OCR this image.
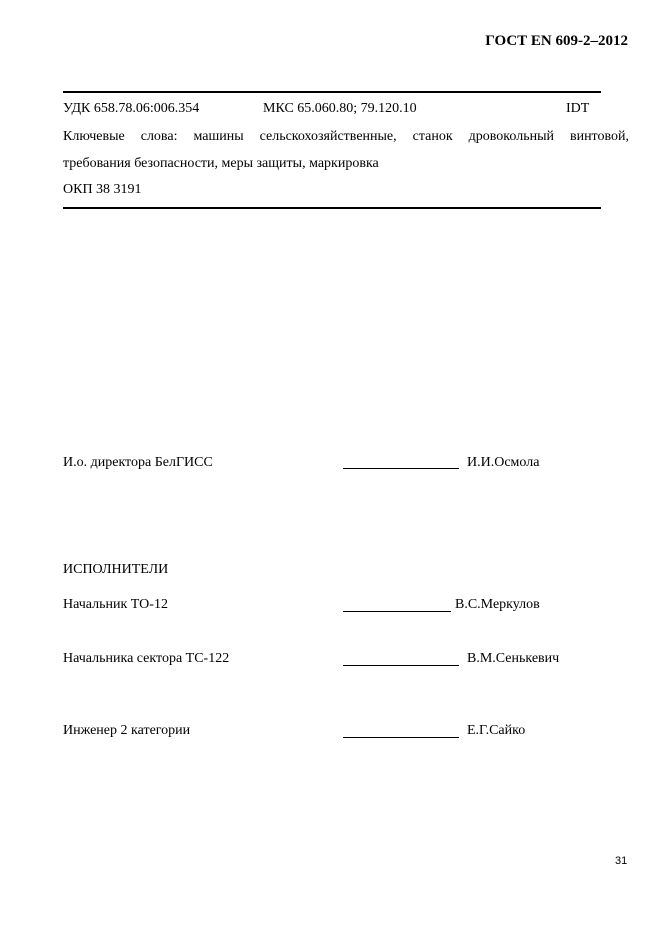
ГОСТ EN 609-2–2012
УДК 658.78.06:006.354	МКС 65.060.80; 79.120.10	IDT
Ключевые слова: машины сельскохозяйственные, станок дровокольный винтовой,
требования безопасности, меры защиты, маркировка
ОКП 38 3191
И.о. директора БелГИСС	И.И.Осмола
ИСПОЛНИТЕЛИ
Начальник ТО-12	В.С.Меркулов
Начальника сектора ТС-122	В.М.Сенькевич
Инженер 2 категории	Е.Г.Сайко
31
